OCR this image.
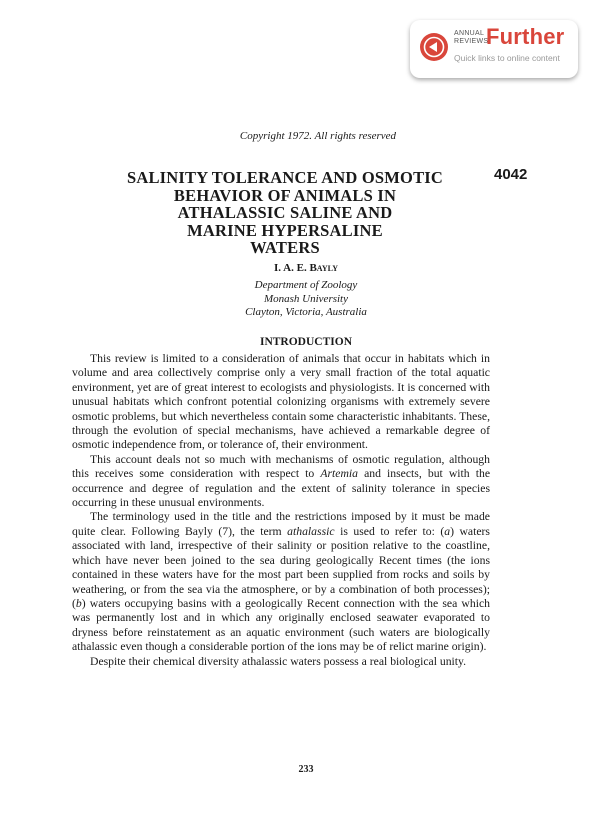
ANNUAL
REVIEWS
Further
Quick links to online content
Copyright 1972. All rights reserved
4042
SALINITY TOLERANCE AND OSMOTIC
BEHAVIOR OF ANIMALS IN
ATHALASSIC SALINE AND
MARINE HYPERSALINE
WATERS
I. A. E. Bayly
Department of Zoology
Monash University
Clayton, Victoria, Australia
INTRODUCTION

This review is limited to a consideration of animals that occur in habitats which in volume and area collectively comprise only a very small fraction of the total aquatic environment, yet are of great interest to ecologists and physiologists. It is concerned with unusual habitats which confront potential colonizing organisms with extremely severe osmotic problems, but which nevertheless contain some characteristic inhabitants. These, through the evolution of special mechanisms, have achieved a remarkable degree of osmotic independence from, or tolerance of, their environment.

This account deals not so much with mechanisms of osmotic regulation, although this receives some consideration with respect to Artemia and insects, but with the occurrence and degree of regulation and the extent of salinity tolerance in species occurring in these unusual environments.

The terminology used in the title and the restrictions imposed by it must be made quite clear. Following Bayly (7), the term athalassic is used to refer to: (a) waters associated with land, irrespective of their salinity or position relative to the coastline, which have never been joined to the sea during geologically Recent times (the ions contained in these waters have for the most part been supplied from rocks and soils by weathering, or from the sea via the atmosphere, or by a combination of both processes); (b) waters occupying basins with a geologically Recent connection with the sea which was permanently lost and in which any originally enclosed seawater evaporated to dryness before reinstatement as an aquatic environment (such waters are biologically athalassic even though a considerable portion of the ions may be of relict marine origin).

Despite their chemical diversity athalassic waters possess a real biological unity.

233
